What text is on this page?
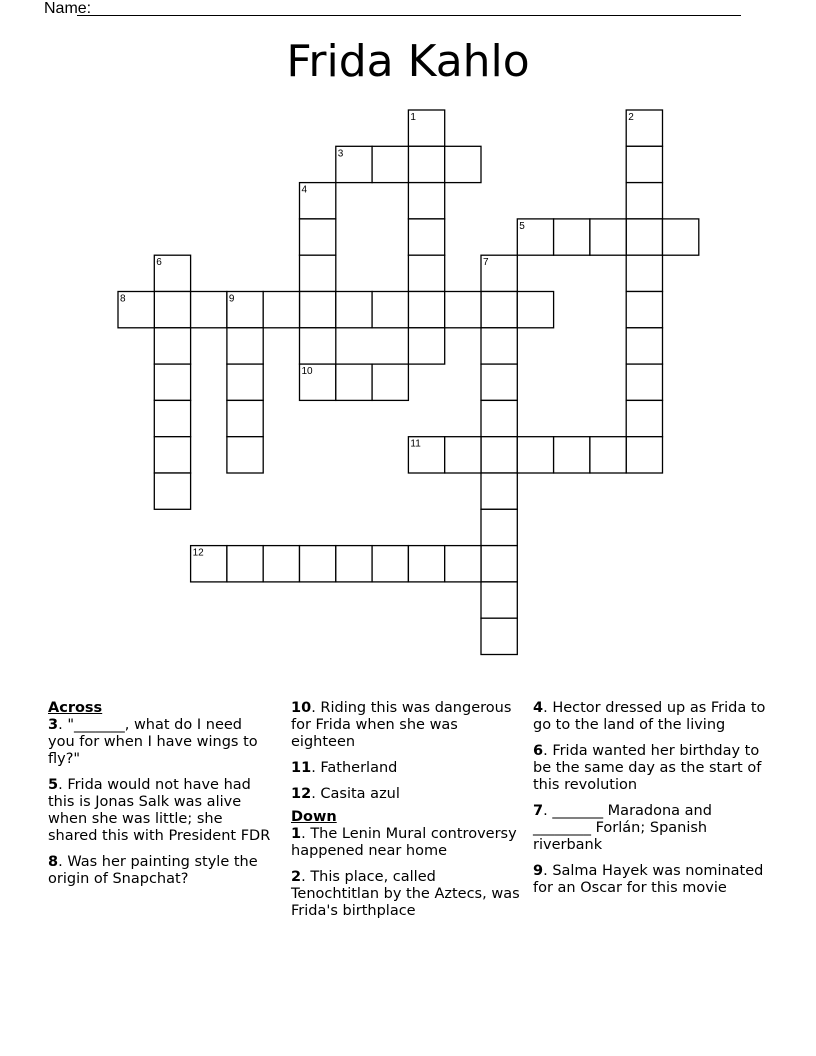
Name:
Frida Kahlo
1	2
3
4
5
6	7
8	9
10
11
12
Across
3. "_______, what do I need you for when I have wings to fly?"
5. Frida would not have had this is Jonas Salk was alive when she was little; she shared this with President FDR
8. Was her painting style the origin of Snapchat?
10. Riding this was dangerous for Frida when she was eighteen
11. Fatherland
12. Casita azul
Down
1. The Lenin Mural controversy happened near home
2. This place, called Tenochtitlan by the Aztecs, was Frida's birthplace
4. Hector dressed up as Frida to go to the land of the living
6. Frida wanted her birthday to be the same day as the start of this revolution
7. _______ Maradona and ________ Forlán; Spanish riverbank
9. Salma Hayek was nominated for an Oscar for this movie
